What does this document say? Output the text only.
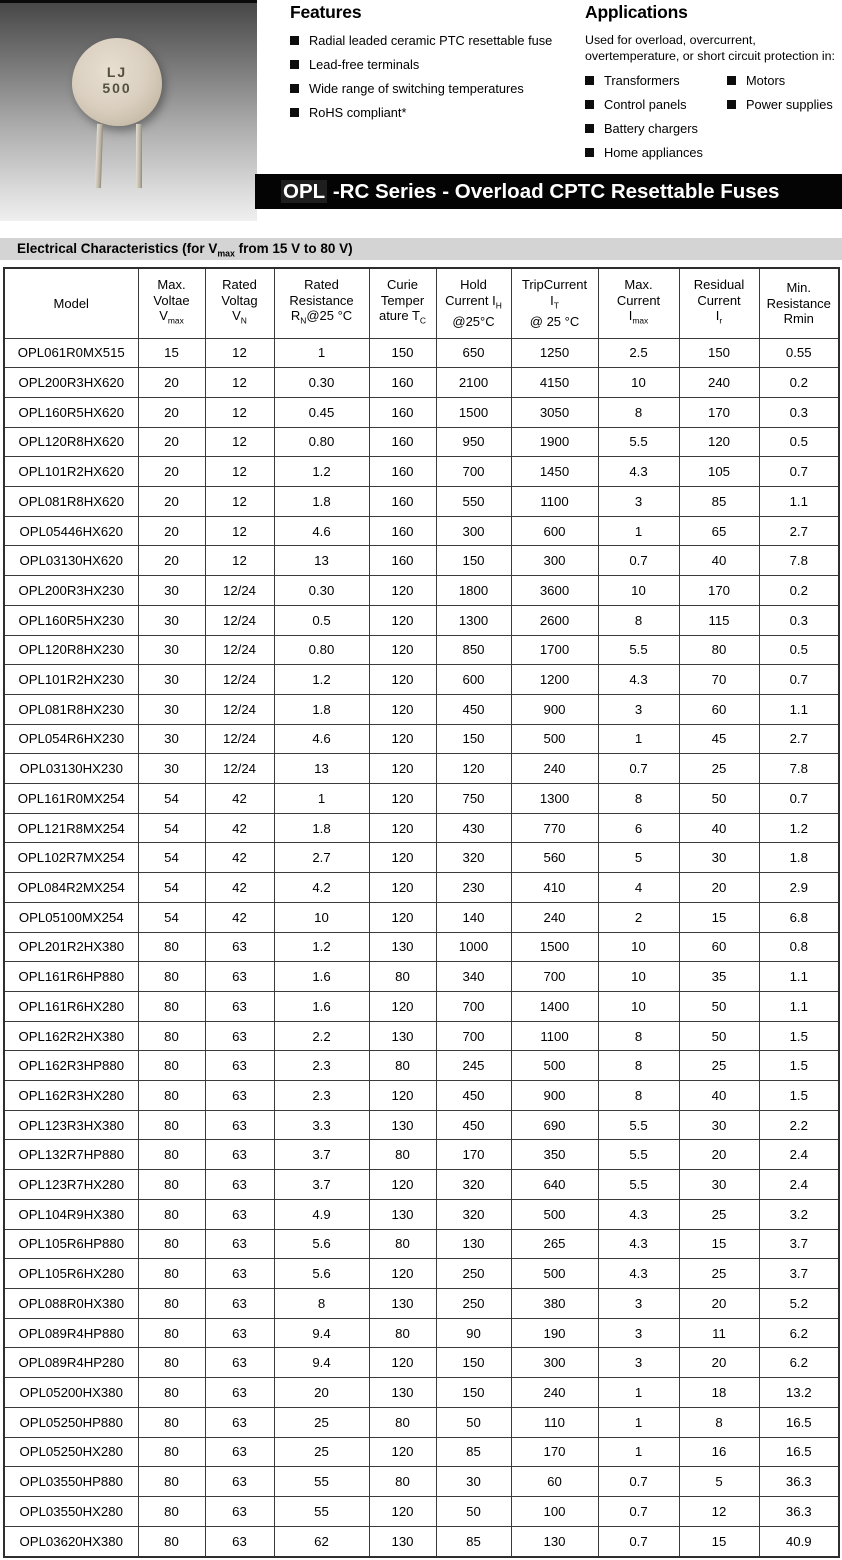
LJ
500
Features
Radial leaded ceramic PTC resettable fuse
Lead-free terminals
Wide range of switching temperatures
RoHS compliant*
Applications

Used for overload, overcurrent,
overtemperature, or short circuit protection in:

Transformers
Control panels
Battery chargers
Home appliances
Motors
Power supplies
OPL -RC Series - Overload CPTC Resettable Fuses
Electrical Characteristics (for $V_{max}$ from 15 V to 80 V)
Model	Max.
Voltae
$V_{max}$	Rated
Voltag
$V_N$	Rated
Resistance
$R_N@25$ °C	Curie
Temper
ature $T_C$	Hold
Current $I_H$
@25°C	TripCurrent
$I_T$
@ 25 °C	Max.
Current
$I_{max}$	Residual
Current
$I_r$	Min.
Resistance
Rmin
OPL061R0MX515	15	12	1	150	650	1250	2.5	150	0.55
OPL200R3HX620	20	12	0.30	160	2100	4150	10	240	0.2
OPL160R5HX620	20	12	0.45	160	1500	3050	8	170	0.3
OPL120R8HX620	20	12	0.80	160	950	1900	5.5	120	0.5
OPL101R2HX620	20	12	1.2	160	700	1450	4.3	105	0.7
OPL081R8HX620	20	12	1.8	160	550	1100	3	85	1.1
OPL05446HX620	20	12	4.6	160	300	600	1	65	2.7
OPL03130HX620	20	12	13	160	150	300	0.7	40	7.8
OPL200R3HX230	30	12/24	0.30	120	1800	3600	10	170	0.2
OPL160R5HX230	30	12/24	0.5	120	1300	2600	8	115	0.3
OPL120R8HX230	30	12/24	0.80	120	850	1700	5.5	80	0.5
OPL101R2HX230	30	12/24	1.2	120	600	1200	4.3	70	0.7
OPL081R8HX230	30	12/24	1.8	120	450	900	3	60	1.1
OPL054R6HX230	30	12/24	4.6	120	150	500	1	45	2.7
OPL03130HX230	30	12/24	13	120	120	240	0.7	25	7.8
OPL161R0MX254	54	42	1	120	750	1300	8	50	0.7
OPL121R8MX254	54	42	1.8	120	430	770	6	40	1.2
OPL102R7MX254	54	42	2.7	120	320	560	5	30	1.8
OPL084R2MX254	54	42	4.2	120	230	410	4	20	2.9
OPL05100MX254	54	42	10	120	140	240	2	15	6.8
OPL201R2HX380	80	63	1.2	130	1000	1500	10	60	0.8
OPL161R6HP880	80	63	1.6	80	340	700	10	35	1.1
OPL161R6HX280	80	63	1.6	120	700	1400	10	50	1.1
OPL162R2HX380	80	63	2.2	130	700	1100	8	50	1.5
OPL162R3HP880	80	63	2.3	80	245	500	8	25	1.5
OPL162R3HX280	80	63	2.3	120	450	900	8	40	1.5
OPL123R3HX380	80	63	3.3	130	450	690	5.5	30	2.2
OPL132R7HP880	80	63	3.7	80	170	350	5.5	20	2.4
OPL123R7HX280	80	63	3.7	120	320	640	5.5	30	2.4
OPL104R9HX380	80	63	4.9	130	320	500	4.3	25	3.2
OPL105R6HP880	80	63	5.6	80	130	265	4.3	15	3.7
OPL105R6HX280	80	63	5.6	120	250	500	4.3	25	3.7
OPL088R0HX380	80	63	8	130	250	380	3	20	5.2
OPL089R4HP880	80	63	9.4	80	90	190	3	11	6.2
OPL089R4HP280	80	63	9.4	120	150	300	3	20	6.2
OPL05200HX380	80	63	20	130	150	240	1	18	13.2
OPL05250HP880	80	63	25	80	50	110	1	8	16.5
OPL05250HX280	80	63	25	120	85	170	1	16	16.5
OPL03550HP880	80	63	55	80	30	60	0.7	5	36.3
OPL03550HX280	80	63	55	120	50	100	0.7	12	36.3
OPL03620HX380	80	63	62	130	85	130	0.7	15	40.9
